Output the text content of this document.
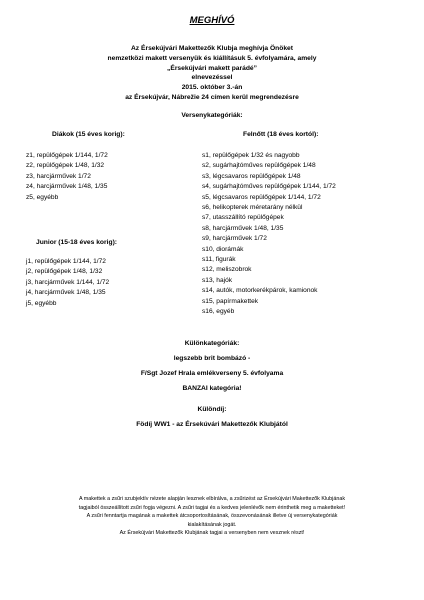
MEGHÍVÓ
Az Érsekújvári Makettezők Klubja meghívja Önöket
nemzetközi makett versenyük és kiállításuk 5. évfolyamára, amely
„Érsekújvári makett parádé”
elnevezéssel
2015. október 3.-án
az Érsekújvár, Nábrežie 24 címen kerül megrendezésre
Versenykategóriák:
Diákok (15 éves korig):
z1, repülőgépek 1/144, 1/72
z2, repülőgépek 1/48, 1/32
z3, harcjárművek 1/72
z4, harcjárművek 1/48, 1/35
z5, egyébb
Junior (15-18 éves korig):
j1, repülőgépek 1/144, 1/72
j2, repülőgépek 1/48, 1/32
j3, harcjárművek 1/144, 1/72
j4, harcjárművek 1/48, 1/35
j5, egyébb
Felnőtt (18 éves kortól):
s1, repülőgépek 1/32 és nagyobb
s2, sugárhajtóműves repülőgépek 1/48
s3, légcsavaros repülőgépek 1/48
s4, sugárhajtóműves repülőgépek 1/144, 1/72
s5, légcsavaros repülőgépek 1/144, 1/72
s6, helikopterek méretarány nélkül
s7, utasszállító repülőgépek
s8, harcjárművek 1/48, 1/35
s9, harcjárművek 1/72
s10, diorámák
s11, figurák
s12, meliszobrok
s13, hajók
s14, autók, motorkerékpárok, kamionok
s15, papírmakettek
s16, egyéb
Különkategóriák:
legszebb brit bombázó -
F/Sgt Jozef Hrala emlékverseny 5. évfolyama
BANZAI kategória!
Különdíj:
Födíj WW1 - az Érsekúvári Makettezők Klubjától
A makettek a zsűri szubjektív nézete alapján lesznek elbírálva, a zsűrizést az Érsekújvári Makettezők Klubjának
tagjaiból összeállított zsűri fogja végezni. A zsűri tagjai és a kedves jelenlévők nem érinthetik meg a maketteket!
A zsűri fenntartja magának a makettek átcsoportosításának, összevonásának illetve új versenykategóriák
kialakításának jogát.
Az Érsekújvári Makettezők Klubjának tagjai a versenyben nem vesznek részt!
